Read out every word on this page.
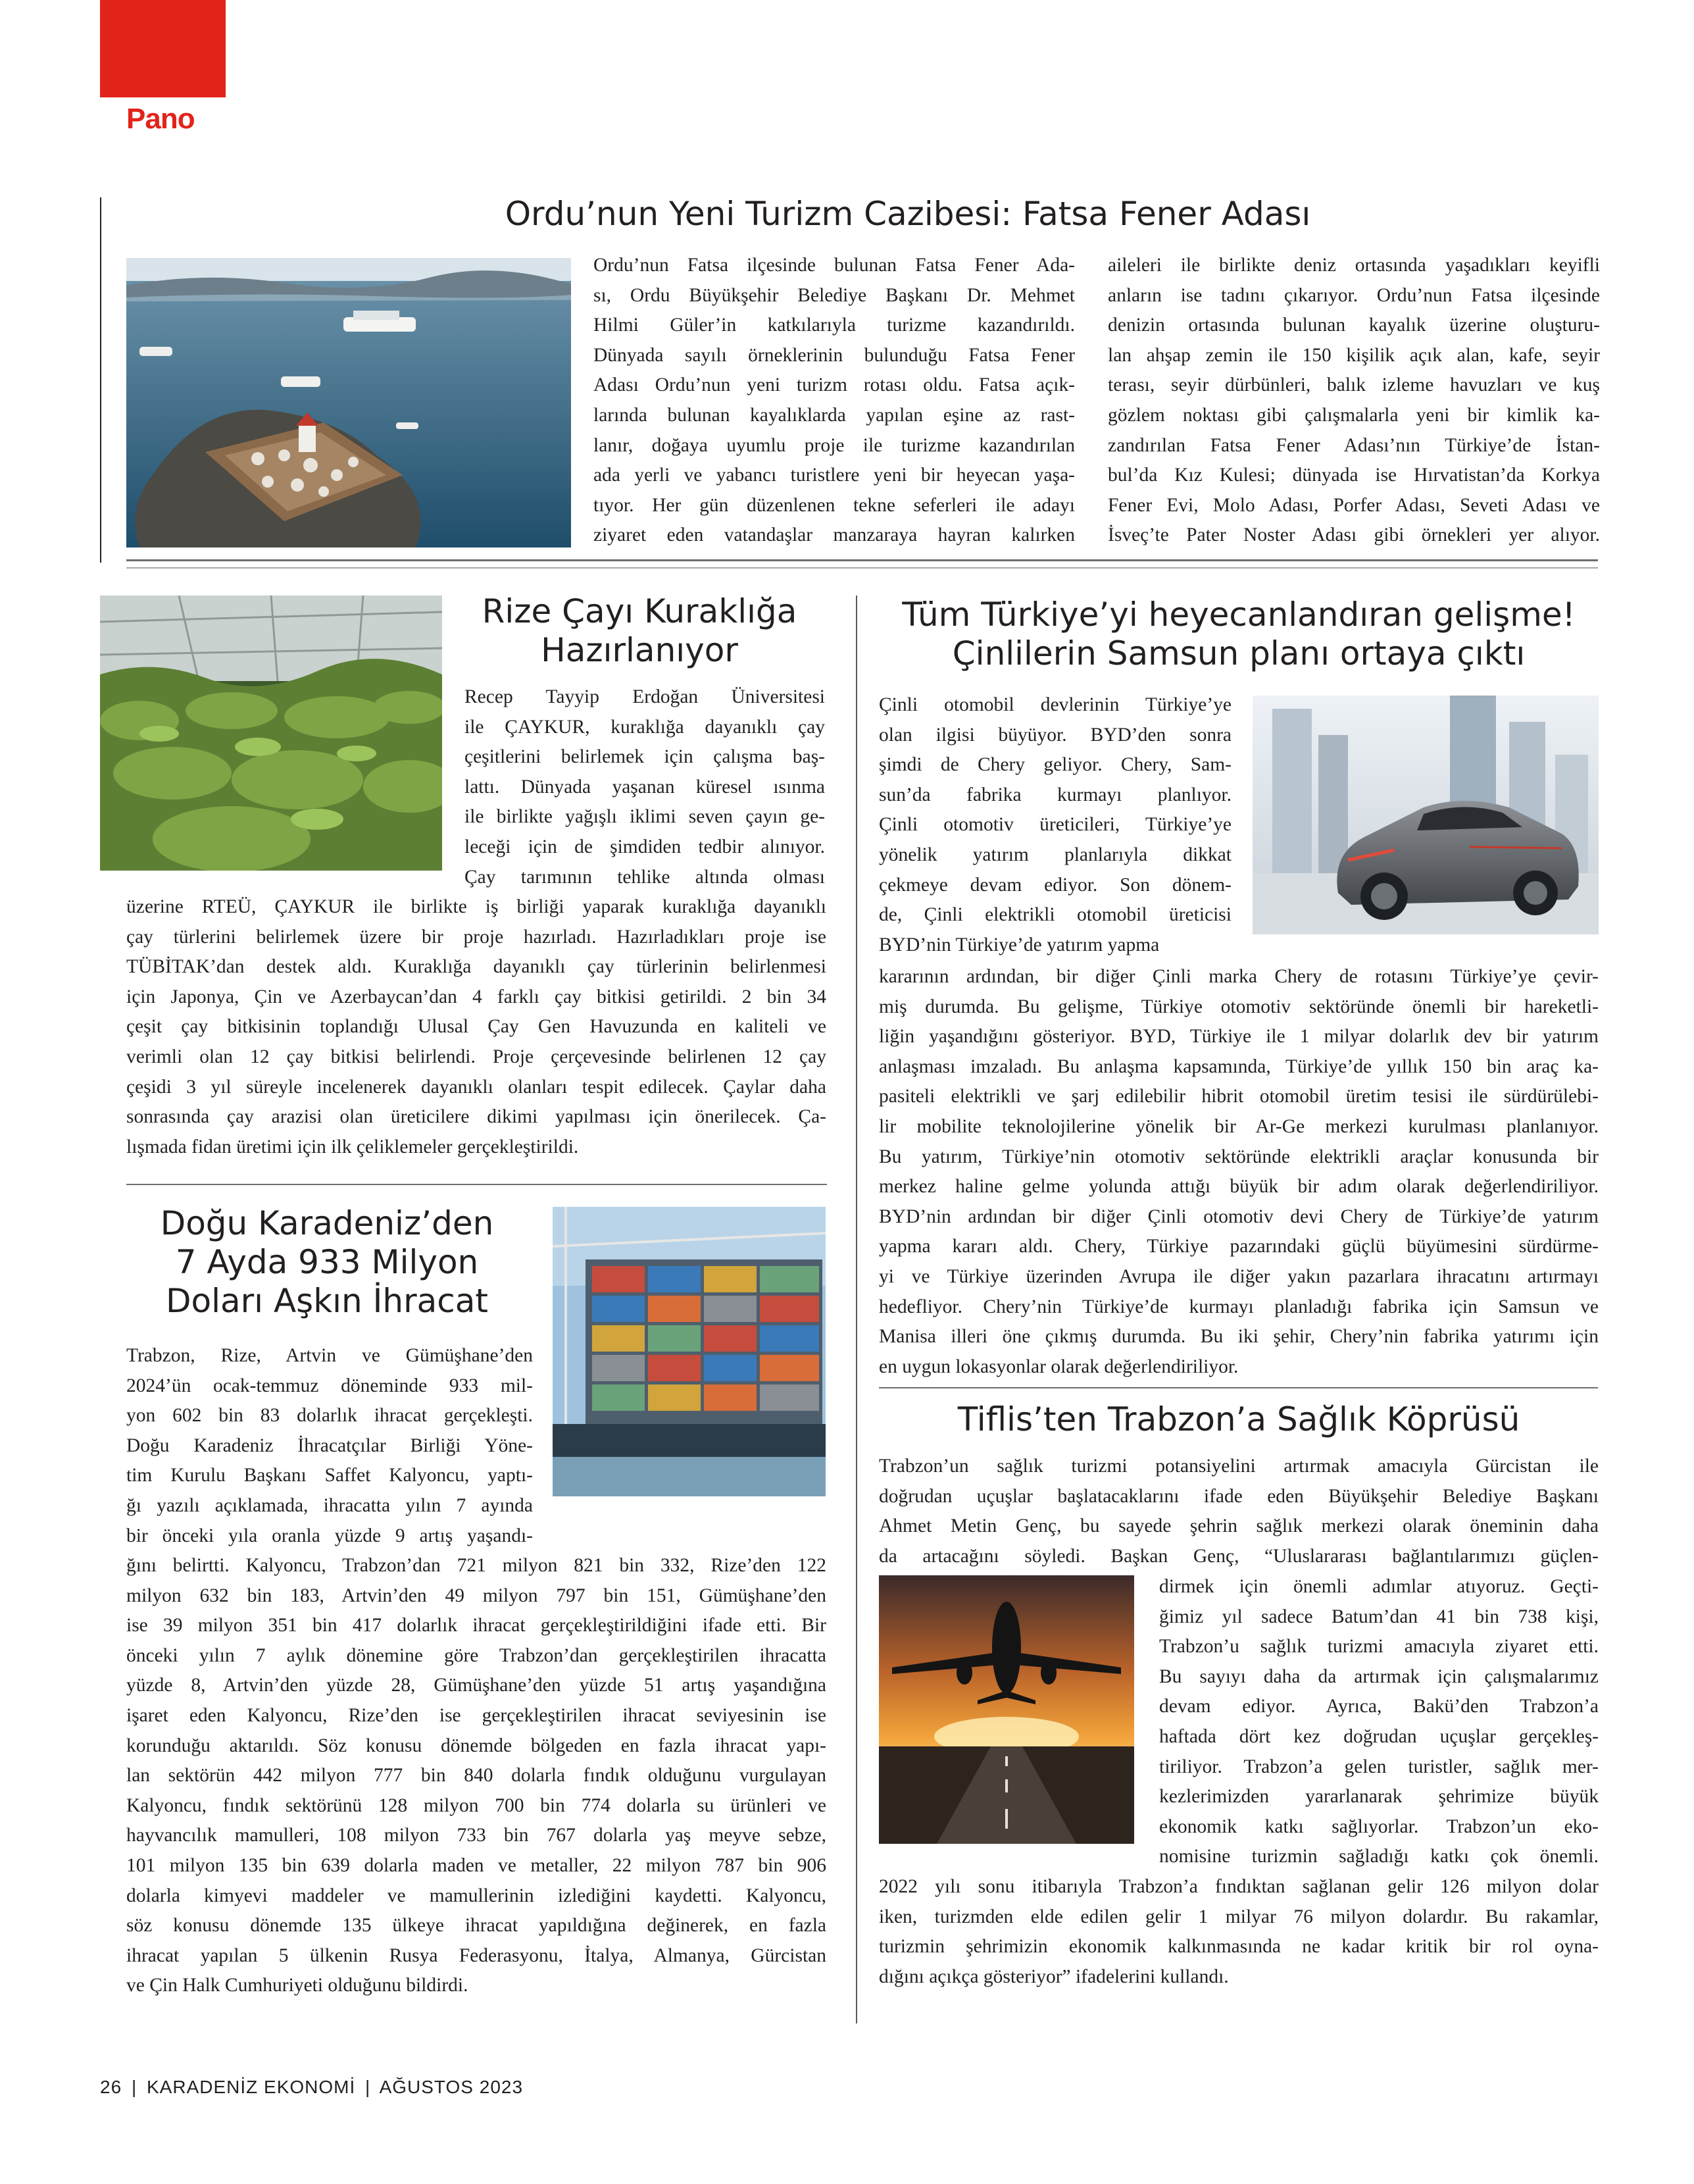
Pano
Ordu’nun Yeni Turizm Cazibesi: Fatsa Fener Adası

Ordu’nun Fatsa ilçesinde bulunan Fatsa Fener Ada-

sı, Ordu Büyükşehir Belediye Başkanı Dr. Mehmet

Hilmi Güler’in katkılarıyla turizme kazandırıldı.

Dünyada sayılı örneklerinin bulunduğu Fatsa Fener

Adası Ordu’nun yeni turizm rotası oldu. Fatsa açık-

larında bulunan kayalıklarda yapılan eşine az rast-

lanır, doğaya uyumlu proje ile turizme kazandırılan

ada yerli ve yabancı turistlere yeni bir heyecan yaşa-

tıyor. Her gün düzenlenen tekne seferleri ile adayı

ziyaret eden vatandaşlar manzaraya hayran kalırken

aileleri ile birlikte deniz ortasında yaşadıkları keyifli

anların ise tadını çıkarıyor. Ordu’nun Fatsa ilçesinde

denizin ortasında bulunan kayalık üzerine oluşturu-

lan ahşap zemin ile 150 kişilik açık alan, kafe, seyir

terası, seyir dürbünleri, balık izleme havuzları ve kuş

gözlem noktası gibi çalışmalarla yeni bir kimlik ka-

zandırılan Fatsa Fener Adası’nın Türkiye’de İstan-

bul’da Kız Kulesi; dünyada ise Hırvatistan’da Korkya

Fener Evi, Molo Adası, Porfer Adası, Seveti Adası ve

İsveç’te Pater Noster Adası gibi örnekleri yer alıyor.

Rize Çayı Kuraklığa
Hazırlanıyor

Recep Tayyip Erdoğan Üniversitesi

ile ÇAYKUR, kuraklığa dayanıklı çay

çeşitlerini belirlemek için çalışma baş-

lattı. Dünyada yaşanan küresel ısınma

ile birlikte yağışlı iklimi seven çayın ge-

leceği için de şimdiden tedbir alınıyor.

Çay tarımının tehlike altında olması

üzerine RTEÜ, ÇAYKUR ile birlikte iş birliği yaparak kuraklığa dayanıklı

çay türlerini belirlemek üzere bir proje hazırladı. Hazırladıkları proje ise

TÜBİTAK’dan destek aldı. Kuraklığa dayanıklı çay türlerinin belirlenmesi

için Japonya, Çin ve Azerbaycan’dan 4 farklı çay bitkisi getirildi. 2 bin 34

çeşit çay bitkisinin toplandığı Ulusal Çay Gen Havuzunda en kaliteli ve

verimli olan 12 çay bitkisi belirlendi. Proje çerçevesinde belirlenen 12 çay

çeşidi 3 yıl süreyle incelenerek dayanıklı olanları tespit edilecek. Çaylar daha

sonrasında çay arazisi olan üreticilere dikimi yapılması için önerilecek. Ça-

lışmada fidan üretimi için ilk çeliklemeler gerçekleştirildi.

Doğu Karadeniz’den
7 Ayda 933 Milyon
Doları Aşkın İhracat

Trabzon, Rize, Artvin ve Gümüşhane’den

2024’ün ocak-temmuz döneminde 933 mil-

yon 602 bin 83 dolarlık ihracat gerçekleşti.

Doğu Karadeniz İhracatçılar Birliği Yöne-

tim Kurulu Başkanı Saffet Kalyoncu, yaptı-

ğı yazılı açıklamada, ihracatta yılın 7 ayında

bir önceki yıla oranla yüzde 9 artış yaşandı-

ğını belirtti. Kalyoncu, Trabzon’dan 721 milyon 821 bin 332, Rize’den 122

milyon 632 bin 183, Artvin’den 49 milyon 797 bin 151, Gümüşhane’den

ise 39 milyon 351 bin 417 dolarlık ihracat gerçekleştirildiğini ifade etti. Bir

önceki yılın 7 aylık dönemine göre Trabzon’dan gerçekleştirilen ihracatta

yüzde 8, Artvin’den yüzde 28, Gümüşhane’den yüzde 51 artış yaşandığına

işaret eden Kalyoncu, Rize’den ise gerçekleştirilen ihracat seviyesinin ise

korunduğu aktarıldı. Söz konusu dönemde bölgeden en fazla ihracat yapı-

lan sektörün 442 milyon 777 bin 840 dolarla fındık olduğunu vurgulayan

Kalyoncu, fındık sektörünü 128 milyon 700 bin 774 dolarla su ürünleri ve

hayvancılık mamulleri, 108 milyon 733 bin 767 dolarla yaş meyve sebze,

101 milyon 135 bin 639 dolarla maden ve metaller, 22 milyon 787 bin 906

dolarla kimyevi maddeler ve mamullerinin izlediğini kaydetti. Kalyoncu,

söz konusu dönemde 135 ülkeye ihracat yapıldığına değinerek, en fazla

ihracat yapılan 5 ülkenin Rusya Federasyonu, İtalya, Almanya, Gürcistan

ve Çin Halk Cumhuriyeti olduğunu bildirdi.

Tüm Türkiye’yi heyecanlandıran gelişme!
Çinlilerin Samsun planı ortaya çıktı

Çinli otomobil devlerinin Türkiye’ye

olan ilgisi büyüyor. BYD’den sonra

şimdi de Chery geliyor. Chery, Sam-

sun’da fabrika kurmayı planlıyor.

Çinli otomotiv üreticileri, Türkiye’ye

yönelik yatırım planlarıyla dikkat

çekmeye devam ediyor. Son dönem-

de, Çinli elektrikli otomobil üreticisi

BYD’nin Türkiye’de yatırım yapma

kararının ardından, bir diğer Çinli marka Chery de rotasını Türkiye’ye çevir-

miş durumda. Bu gelişme, Türkiye otomotiv sektöründe önemli bir hareketli-

liğin yaşandığını gösteriyor. BYD, Türkiye ile 1 milyar dolarlık dev bir yatırım

anlaşması imzaladı. Bu anlaşma kapsamında, Türkiye’de yıllık 150 bin araç ka-

pasiteli elektrikli ve şarj edilebilir hibrit otomobil üretim tesisi ile sürdürülebi-

lir mobilite teknolojilerine yönelik bir Ar-Ge merkezi kurulması planlanıyor.

Bu yatırım, Türkiye’nin otomotiv sektöründe elektrikli araçlar konusunda bir

merkez haline gelme yolunda attığı büyük bir adım olarak değerlendiriliyor.

BYD’nin ardından bir diğer Çinli otomotiv devi Chery de Türkiye’de yatırım

yapma kararı aldı. Chery, Türkiye pazarındaki güçlü büyümesini sürdürme-

yi ve Türkiye üzerinden Avrupa ile diğer yakın pazarlara ihracatını artırmayı

hedefliyor. Chery’nin Türkiye’de kurmayı planladığı fabrika için Samsun ve

Manisa illeri öne çıkmış durumda. Bu iki şehir, Chery’nin fabrika yatırımı için

en uygun lokasyonlar olarak değerlendiriliyor.

Tiflis’ten Trabzon’a Sağlık Köprüsü

Trabzon’un sağlık turizmi potansiyelini artırmak amacıyla Gürcistan ile

doğrudan uçuşlar başlatacaklarını ifade eden Büyükşehir Belediye Başkanı

Ahmet Metin Genç, bu sayede şehrin sağlık merkezi olarak öneminin daha

da artacağını söyledi. Başkan Genç, “Uluslararası bağlantılarımızı güçlen-

dirmek için önemli adımlar atıyoruz. Geçti-

ğimiz yıl sadece Batum’dan 41 bin 738 kişi,

Trabzon’u sağlık turizmi amacıyla ziyaret etti.

Bu sayıyı daha da artırmak için çalışmalarımız

devam ediyor. Ayrıca, Bakü’den Trabzon’a

haftada dört kez doğrudan uçuşlar gerçekleş-

tiriliyor. Trabzon’a gelen turistler, sağlık mer-

kezlerimizden yararlanarak şehrimize büyük

ekonomik katkı sağlıyorlar. Trabzon’un eko-

nomisine turizmin sağladığı katkı çok önemli.

2022 yılı sonu itibarıyla Trabzon’a fındıktan sağlanan gelir 126 milyon dolar

iken, turizmden elde edilen gelir 1 milyar 76 milyon dolardır. Bu rakamlar,

turizmin şehrimizin ekonomik kalkınmasında ne kadar kritik bir rol oyna-

dığını açıkça gösteriyor” ifadelerini kullandı.

26 | KARADENİZ EKONOMİ | AĞUSTOS 2023
